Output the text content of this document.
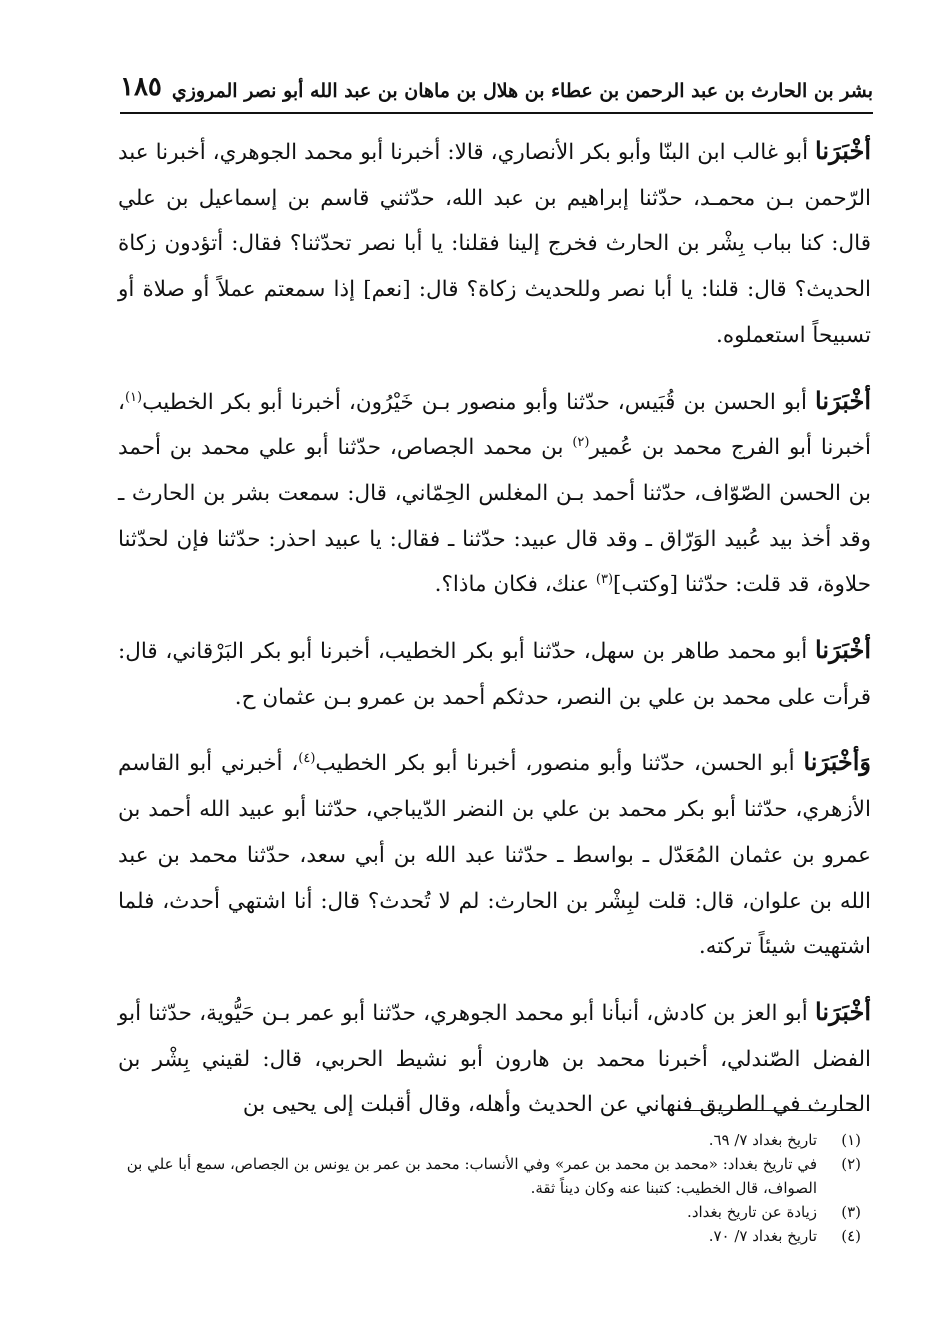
بشر بن الحارث بن عبد الرحمن بن عطاء بن هلال بن ماهان بن عبد الله أبو نصر المروزي
١٨٥

أخْبَرَنا أبو غالب ابن البنّا وأبو بكر الأنصاري، قالا: أخبرنا أبو محمد الجوهري، أخبرنا عبد الرّحمن بـن محمـد، حدّثنا إبراهيم بن عبد الله، حدّثني قاسم بن إسماعيل بن علي قال: كنا بباب بِشْر بن الحارث فخرج إلينا فقلنا: يا أبا نصر تحدّثنا؟ فقال: أتؤدون زكاة الحديث؟ قال: قلنا: يا أبا نصر وللحديث زكاة؟ قال: [نعم] إذا سمعتم عملاً أو صلاة أو تسبيحاً استعملوه.

أخْبَرَنا أبو الحسن بن قُبَيس، حدّثنا وأبو منصور بـن خَيْرُون، أخبرنا أبو بكر الخطيب$^{(١)}$، أخبرنا أبو الفرج محمد بن عُمير$^{(٢)}$ بن محمد الجصاص، حدّثنا أبو علي محمد بن أحمد بن الحسن الصّوّاف، حدّثنا أحمد بـن المغلس الحِمّاني، قال: سمعت بشر بن الحارث ـ وقد أخذ بيد عُبيد الوَرّاق ـ وقد قال عبيد: حدّثنا ـ فقال: يا عبيد احذر: حدّثنا فإن لحدّثنا حلاوة، قد قلت: حدّثنا [وكتب]$^{(٣)}$ عنك، فكان ماذا؟.

أخْبَرَنا أبو محمد طاهر بن سهل، حدّثنا أبو بكر الخطيب، أخبرنا أبو بكر البَرْقاني، قال: قرأت على محمد بن علي بن النصر، حدثكم أحمد بن عمرو بـن عثمان ح.

وَأخْبَرَنا أبو الحسن، حدّثنا وأبو منصور، أخبرنا أبو بكر الخطيب$^{(٤)}$، أخبرني أبو القاسم الأزهري، حدّثنا أبو بكر محمد بن علي بن النضر الدّيباجي، حدّثنا أبو عبيد الله أحمد بن عمرو بن عثمان المُعَدّل ـ بواسط ـ حدّثنا عبد الله بن أبي سعد، حدّثنا محمد بن عبد الله بن علوان، قال: قلت لبِشْر بن الحارث: لم لا تُحدث؟ قال: أنا اشتهي أحدث، فلما اشتهيت شيئاً تركته.

أخْبَرَنا أبو العز بن كادش، أنبأنا أبو محمد الجوهري، حدّثنا أبو عمر بـن حَيُّوية، حدّثنا أبو الفضل الصّندلي، أخبرنا محمد بن هارون أبو نشيط الحربي، قال: لقيني بِشْر بن الحارث في الطريق فنهاني عن الحديث وأهله، وقال أقبلت إلى يحيى بن

(١)
تاريخ بغداد ٧/ ٦٩.
(٢)
في تاريخ بغداد: «محمد بن محمد بن عمر» وفي الأنساب: محمد بن عمر بن يونس بن الجصاص، سمع أبا علي بن الصواف، قال الخطيب: كتبنا عنه وكان ديناً ثقة.
(٣)
زيادة عن تاريخ بغداد.
(٤)
تاريخ بغداد ٧/ ٧٠.
